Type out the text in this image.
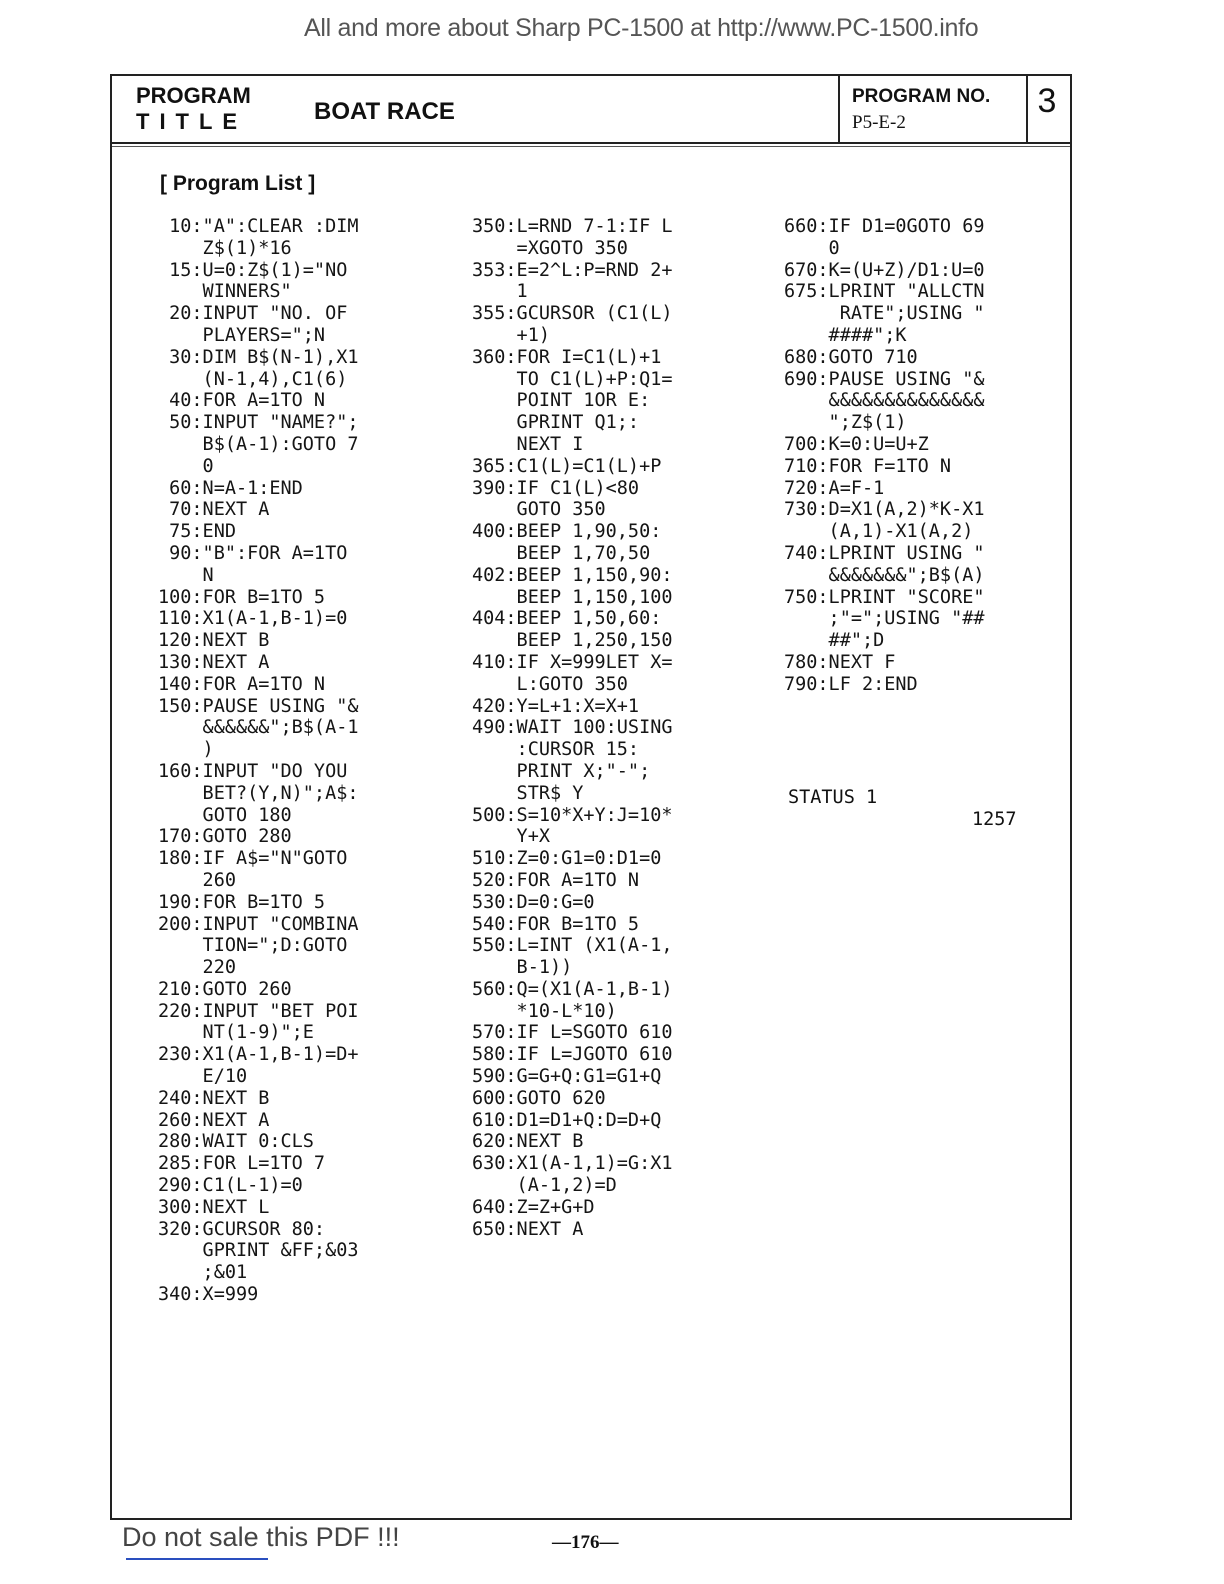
All and more about Sharp PC-1500 at http://www.PC-1500.info
PROGRAM
TITLE	BOAT RACE
PROGRAM NO.
P5-E-2
3
[ Program List ]
10:"A":CLEAR :DIM
Z$(1)*16
15:U=0:Z$(1)="NO
WINNERS"
20:INPUT "NO. OF
PLAYERS=";N
30:DIM B$(N-1),X1
(N-1,4),C1(6)
40:FOR A=1TO N
50:INPUT "NAME?";
B$(A-1):GOTO 7
0
60:N=A-1:END
70:NEXT A
75:END
90:"B":FOR A=1TO
N
100:FOR B=1TO 5
110:X1(A-1,B-1)=0
120:NEXT B
130:NEXT A
140:FOR A=1TO N
150:PAUSE USING "&
&&&&&&";B$(A-1
)
160:INPUT "DO YOU
BET?(Y,N)";A$:
GOTO 180
170:GOTO 280
180:IF A$="N"GOTO
260
190:FOR B=1TO 5
200:INPUT "COMBINA
TION=";D:GOTO
220
210:GOTO 260
220:INPUT "BET POI
NT(1-9)";E
230:X1(A-1,B-1)=D+
E/10
240:NEXT B
260:NEXT A
280:WAIT 0:CLS
285:FOR L=1TO 7
290:C1(L-1)=0
300:NEXT L
320:GCURSOR 80:
GPRINT &FF;&03
;&01
340:X=999
350:L=RND 7-1:IF L
=XGOTO 350
353:E=2^L:P=RND 2+
1
355:GCURSOR (C1(L)
+1)
360:FOR I=C1(L)+1
TO C1(L)+P:Q1=
POINT 1OR E:
GPRINT Q1;:
NEXT I
365:C1(L)=C1(L)+P
390:IF C1(L)<80
GOTO 350
400:BEEP 1,90,50:
BEEP 1,70,50
402:BEEP 1,150,90:
BEEP 1,150,100
404:BEEP 1,50,60:
BEEP 1,250,150
410:IF X=999LET X=
L:GOTO 350
420:Y=L+1:X=X+1
490:WAIT 100:USING
:CURSOR 15:
PRINT X;"-";
STR$ Y
500:S=10*X+Y:J=10*
Y+X
510:Z=0:G1=0:D1=0
520:FOR A=1TO N
530:D=0:G=0
540:FOR B=1TO 5
550:L=INT (X1(A-1,
B-1))
560:Q=(X1(A-1,B-1)
*10-L*10)
570:IF L=SGOTO 610
580:IF L=JGOTO 610
590:G=G+Q:G1=G1+Q
600:GOTO 620
610:D1=D1+Q:D=D+Q
620:NEXT B
630:X1(A-1,1)=G:X1
(A-1,2)=D
640:Z=Z+G+D
650:NEXT A
660:IF D1=0GOTO 69
0
670:K=(U+Z)/D1:U=0
675:LPRINT "ALLCTN
RATE";USING "
####";K
680:GOTO 710
690:PAUSE USING "&
&&&&&&&&&&&&&&
";Z$(1)
700:K=0:U=U+Z
710:FOR F=1TO N
720:A=F-1
730:D=X1(A,2)*K-X1
(A,1)-X1(A,2)
740:LPRINT USING "
&&&&&&&";B$(A)
750:LPRINT "SCORE"
;"=";USING "##
##";D
780:NEXT F
790:LF 2:END
STATUS 1
1257
Do not sale this PDF !!!	—176—
